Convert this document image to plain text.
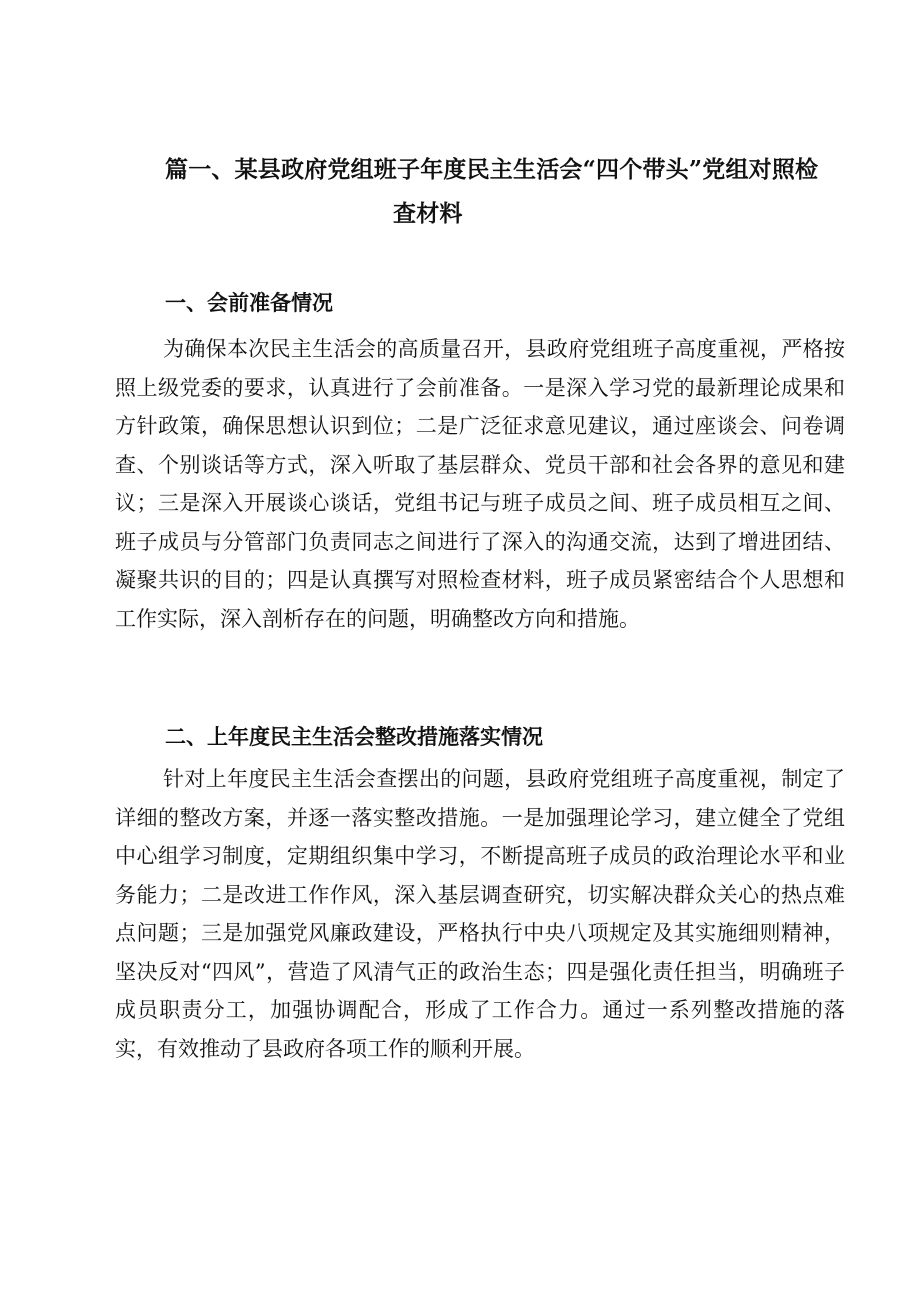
篇一、某县政府党组班子年度民主生活会“四个带头”党组对照检
查材料
一、会前准备情况
为确保本次民主生活会的高质量召开，县政府党组班子高度重视，严格按照上级党委的要求，认真进行了会前准备。一是深入学习党的最新理论成果和方针政策，确保思想认识到位；二是广泛征求意见建议，通过座谈会、问卷调查、个别谈话等方式，深入听取了基层群众、党员干部和社会各界的意见和建议；三是深入开展谈心谈话，党组书记与班子成员之间、班子成员相互之间、班子成员与分管部门负责同志之间进行了深入的沟通交流，达到了增进团结、凝聚共识的目的；四是认真撰写对照检查材料，班子成员紧密结合个人思想和工作实际，深入剖析存在的问题，明确整改方向和措施。
二、上年度民主生活会整改措施落实情况
针对上年度民主生活会查摆出的问题，县政府党组班子高度重视，制定了详细的整改方案，并逐一落实整改措施。一是加强理论学习，建立健全了党组中心组学习制度，定期组织集中学习，不断提高班子成员的政治理论水平和业务能力；二是改进工作作风，深入基层调查研究，切实解决群众关心的热点难点问题；三是加强党风廉政建设，严格执行中央八项规定及其实施细则精神，坚决反对“四风”，营造了风清气正的政治生态；四是强化责任担当，明确班子成员职责分工，加强协调配合，形成了工作合力。通过一系列整改措施的落实，有效推动了县政府各项工作的顺利开展。
